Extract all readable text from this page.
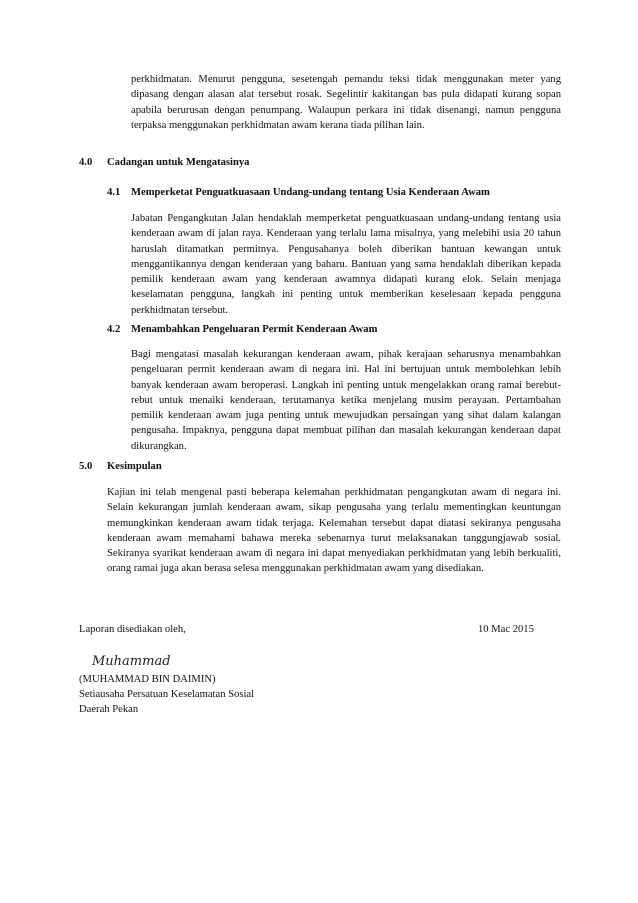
perkhidmatan. Menurut pengguna, sesetengah pemandu teksi tidak menggunakan meter yang dipasang dengan alasan alat tersebut rosak. Segelintir kakitangan bas pula didapati kurang sopan apabila berurusan dengan penumpang. Walaupun perkara ini tidak disenangi, namun pengguna terpaksa menggunakan perkhidmatan awam kerana tiada pilihan lain.

4.0 Cadangan untuk Mengatasinya
4.1 Memperketat Penguatkuasaan Undang-undang tentang Usia Kenderaan Awam

Jabatan Pengangkutan Jalan hendaklah memperketat penguatkuasaan undang-undang tentang usia kenderaan awam di jalan raya. Kenderaan yang terlalu lama misalnya, yang melebihi usia 20 tahun haruslah ditamatkan permitnya. Pengusahanya boleh diberikan bantuan kewangan untuk menggantikannya dengan kenderaan yang baharu. Bantuan yang sama hendaklah diberikan kepada pemilik kenderaan awam yang kenderaan awamnya didapati kurang elok. Selain menjaga keselamatan pengguna, langkah ini penting untuk memberikan keselesaan kepada pengguna perkhidmatan tersebut.

4.2 Menambahkan Pengeluaran Permit Kenderaan Awam

Bagi mengatasi masalah kekurangan kenderaan awam, pihak kerajaan seharusnya menambahkan pengeluaran permit kenderaan awam di negara ini. Hal ini bertujuan untuk membolehkan lebih banyak kenderaan awam beroperasi. Langkah ini penting untuk mengelakkan orang ramai berebut-rebut untuk menaiki kenderaan, terutamanya ketika menjelang musim perayaan. Pertambahan pemilik kenderaan awam juga penting untuk mewujudkan persaingan yang sihat dalam kalangan pengusaha. Impaknya, pengguna dapat membuat pilihan dan masalah kekurangan kenderaan dapat dikurangkan.

5.0 Kesimpulan

Kajian ini telah mengenal pasti beberapa kelemahan perkhidmatan pengangkutan awam di negara ini. Selain kekurangan jumlah kenderaan awam, sikap pengusaha yang terlalu mementingkan keuntungan memungkinkan kenderaan awam tidak terjaga. Kelemahan tersebut dapat diatasi sekiranya pengusaha kenderaan awam memahami bahawa mereka sebenarnya turut melaksanakan tanggungjawab sosial. Sekiranya syarikat kenderaan awam di negara ini dapat menyediakan perkhidmatan yang lebih berkualiti, orang ramai juga akan berasa selesa menggunakan perkhidmatan awam yang disediakan.

Laporan disediakan oleh,	10 Mac 2015
Muhammad
(MUHAMMAD BIN DAIMIN)
Setiausaha Persatuan Keselamatan Sosial
Daerah Pekan
